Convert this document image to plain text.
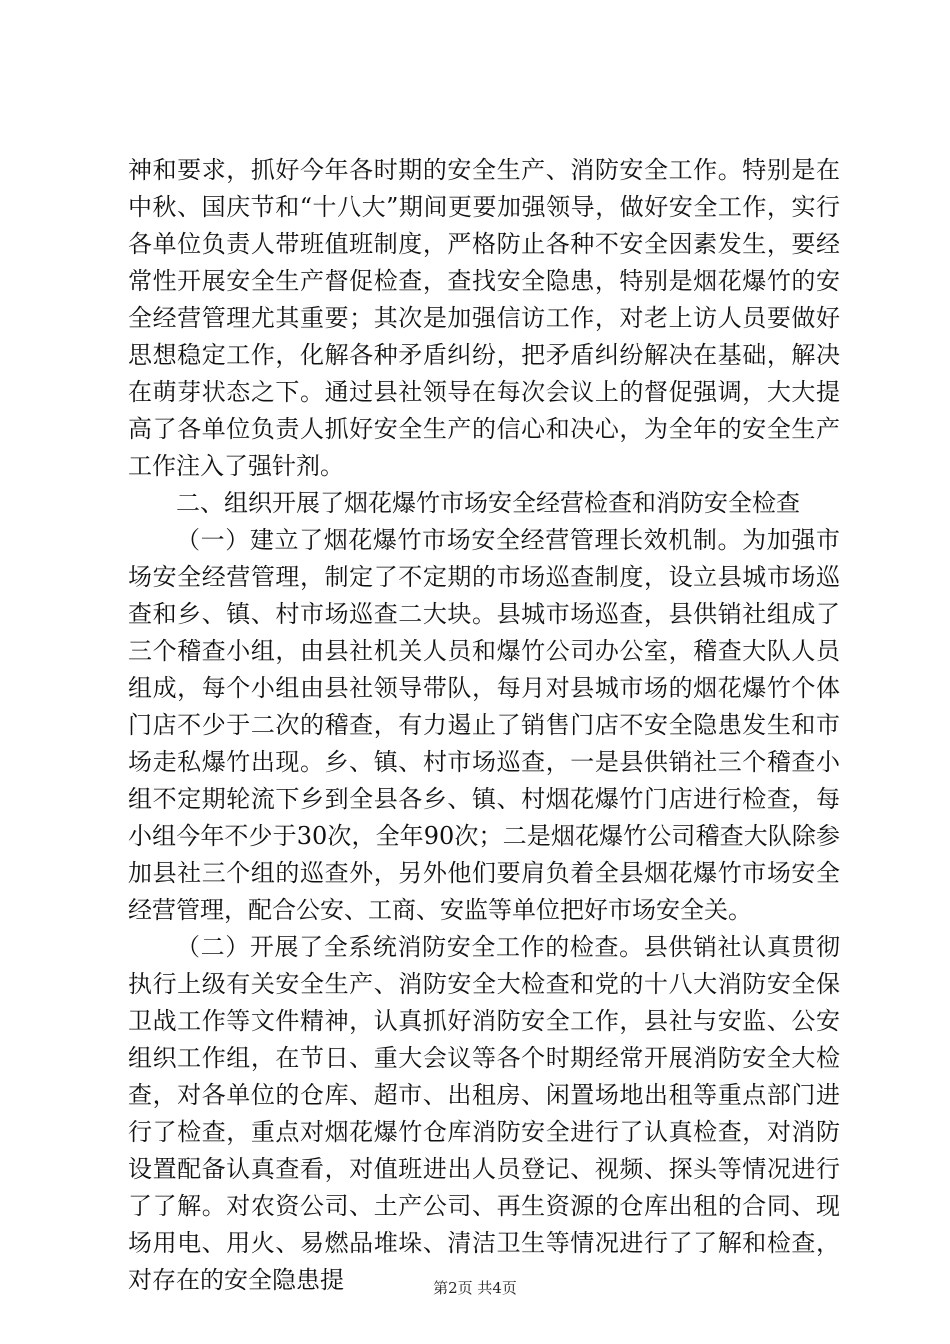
神和要求，抓好今年各时期的安全生产、消防安全工作。特别是在中秋、国庆节和“十八大”期间更要加强领导，做好安全工作，实行各单位负责人带班值班制度，严格防止各种不安全因素发生，要经常性开展安全生产督促检查，查找安全隐患，特别是烟花爆竹的安全经营管理尤其重要；其次是加强信访工作，对老上访人员要做好思想稳定工作，化解各种矛盾纠纷，把矛盾纠纷解决在基础，解决在萌芽状态之下。通过县社领导在每次会议上的督促强调，大大提高了各单位负责人抓好安全生产的信心和决心，为全年的安全生产工作注入了强针剂。

二、组织开展了烟花爆竹市场安全经营检查和消防安全检查

（一）建立了烟花爆竹市场安全经营管理长效机制。为加强市场安全经营管理，制定了不定期的市场巡查制度，设立县城市场巡查和乡、镇、村市场巡查二大块。县城市场巡查，县供销社组成了三个稽查小组，由县社机关人员和爆竹公司办公室，稽查大队人员组成，每个小组由县社领导带队，每月对县城市场的烟花爆竹个体门店不少于二次的稽查，有力遏止了销售门店不安全隐患发生和市场走私爆竹出现。乡、镇、村市场巡查，一是县供销社三个稽查小组不定期轮流下乡到全县各乡、镇、村烟花爆竹门店进行检查，每小组今年不少于30次，全年90次；二是烟花爆竹公司稽查大队除参加县社三个组的巡查外，另外他们要肩负着全县烟花爆竹市场安全经营管理，配合公安、工商、安监等单位把好市场安全关。

（二）开展了全系统消防安全工作的检查。县供销社认真贯彻执行上级有关安全生产、消防安全大检查和党的十八大消防安全保卫战工作等文件精神，认真抓好消防安全工作，县社与安监、公安组织工作组，在节日、重大会议等各个时期经常开展消防安全大检查，对各单位的仓库、超市、出租房、闲置场地出租等重点部门进行了检查，重点对烟花爆竹仓库消防安全进行了认真检查，对消防设置配备认真查看，对值班进出人员登记、视频、探头等情况进行了了解。对农资公司、土产公司、再生资源的仓库出租的合同、现场用电、用火、易燃品堆垛、清洁卫生等情况进行了了解和检查，对存在的安全隐患提	第2页 共4页
